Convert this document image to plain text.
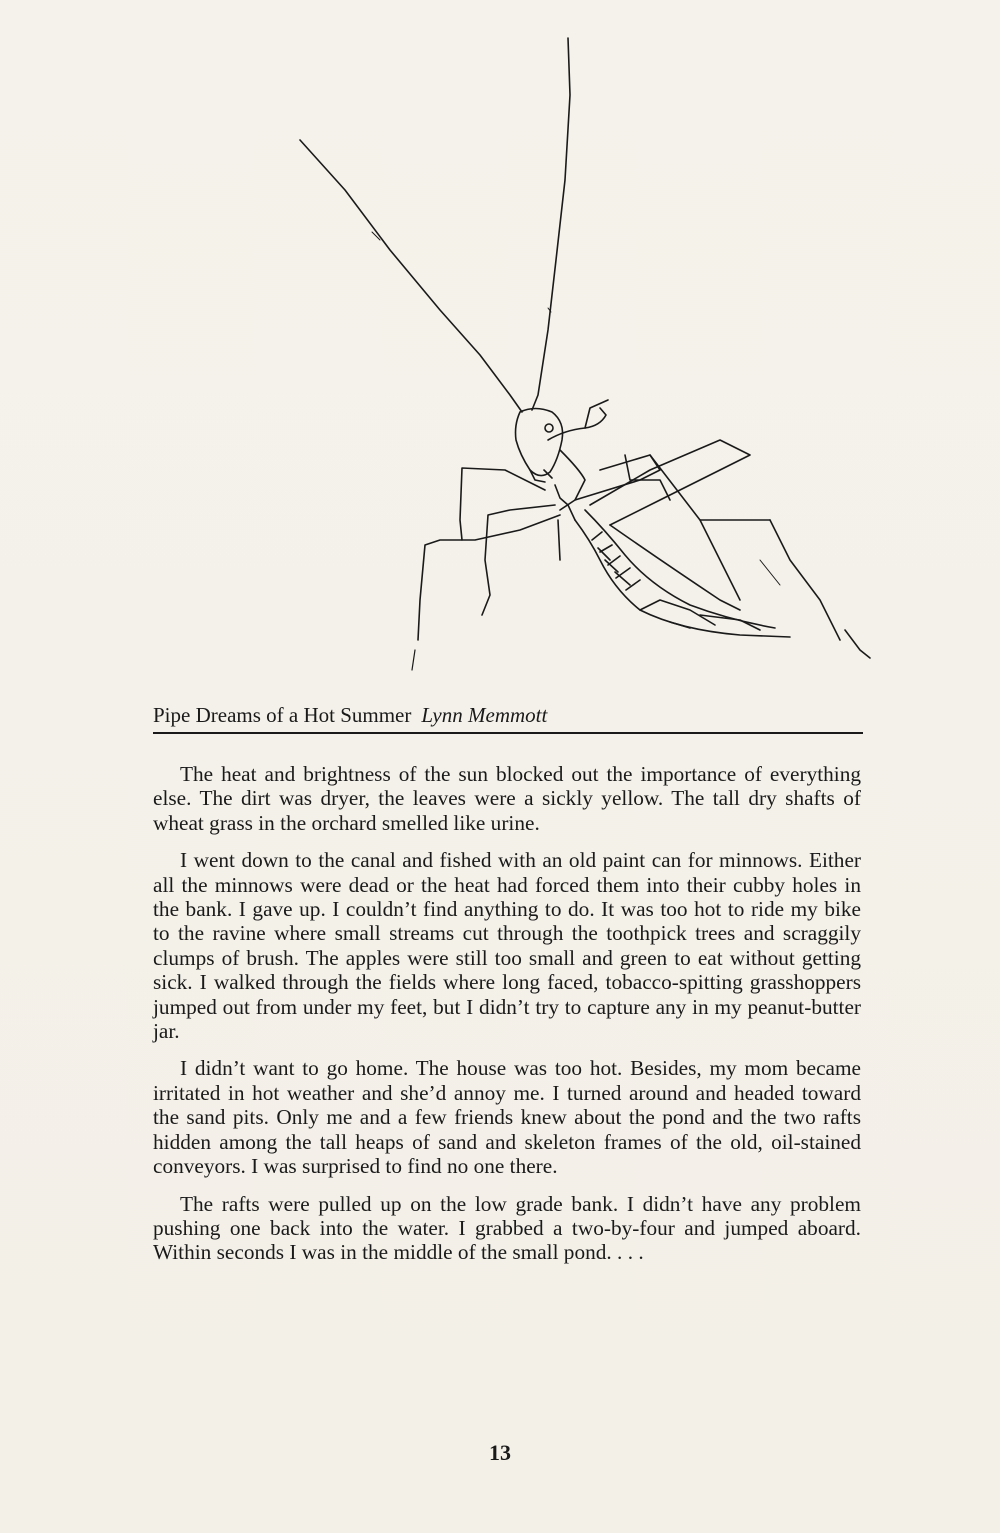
Pipe Dreams of a Hot Summer Lynn Memmott

The heat and brightness of the sun blocked out the importance of everything else. The dirt was dryer, the leaves were a sickly yellow. The tall dry shafts of wheat grass in the orchard smelled like urine.

I went down to the canal and fished with an old paint can for minnows. Either all the minnows were dead or the heat had forced them into their cubby holes in the bank. I gave up. I couldn’t find anything to do. It was too hot to ride my bike to the ravine where small streams cut through the toothpick trees and scraggily clumps of brush. The apples were still too small and green to eat without getting sick. I walked through the fields where long faced, tobacco-spitting grasshoppers jumped out from under my feet, but I didn’t try to capture any in my peanut-butter jar.

I didn’t want to go home. The house was too hot. Besides, my mom became irritated in hot weather and she’d annoy me. I turned around and headed toward the sand pits. Only me and a few friends knew about the pond and the two rafts hidden among the tall heaps of sand and skeleton frames of the old, oil-stained conveyors. I was surprised to find no one there.

The rafts were pulled up on the low grade bank. I didn’t have any problem pushing one back into the water. I grabbed a two-by-four and jumped aboard. Within seconds I was in the middle of the small pond. . . .

13
